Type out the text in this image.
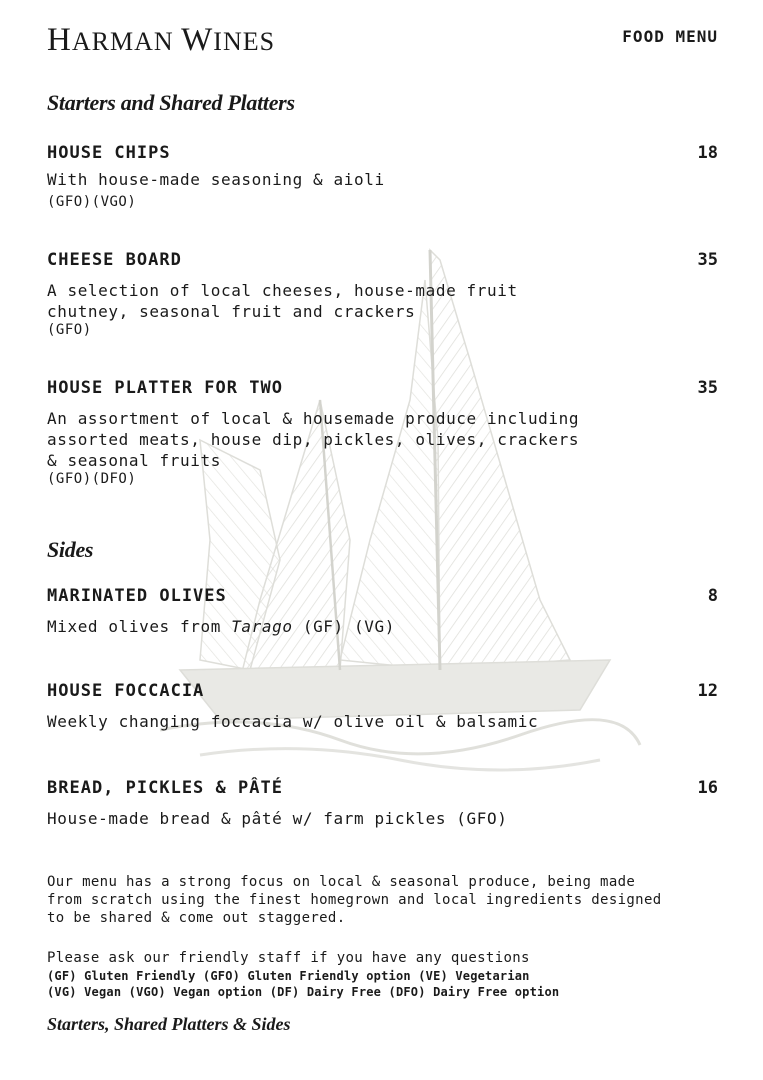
HARMAN WINES	FOOD MENU
Starters and Shared Platters
HOUSE CHIPS	18
With house-made seasoning & aioli
(GFO)(VGO)
CHEESE BOARD	35
A selection of local cheeses, house-made fruit
chutney, seasonal fruit and crackers
(GFO)
HOUSE PLATTER FOR TWO	35
An assortment of local & housemade produce including
assorted meats, house dip, pickles, olives, crackers
& seasonal fruits
(GFO)(DFO)
Sides
MARINATED OLIVES	8
Mixed olives from Tarago (GF) (VG)
HOUSE FOCCACIA	12
Weekly changing foccacia w/ olive oil & balsamic
BREAD, PICKLES & PÂTÉ	16
House-made bread & pâté w/ farm pickles (GFO)
Our menu has a strong focus on local & seasonal produce, being made
from scratch using the finest homegrown and local ingredients designed
to be shared & come out staggered.
Please ask our friendly staff if you have any questions
(GF) Gluten Friendly (GFO) Gluten Friendly option (VE) Vegetarian
(VG) Vegan (VGO) Vegan option (DF) Dairy Free (DFO) Dairy Free option
Starters, Shared Platters & Sides
